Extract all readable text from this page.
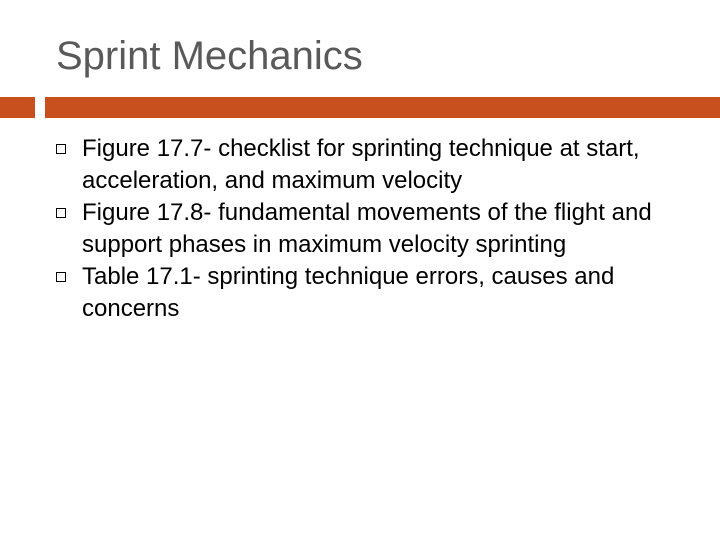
Sprint Mechanics
Figure 17.7- checklist for sprinting technique at start, acceleration, and maximum velocity
Figure 17.8- fundamental movements of the flight and support phases in maximum velocity sprinting
Table 17.1- sprinting technique errors, causes and concerns
